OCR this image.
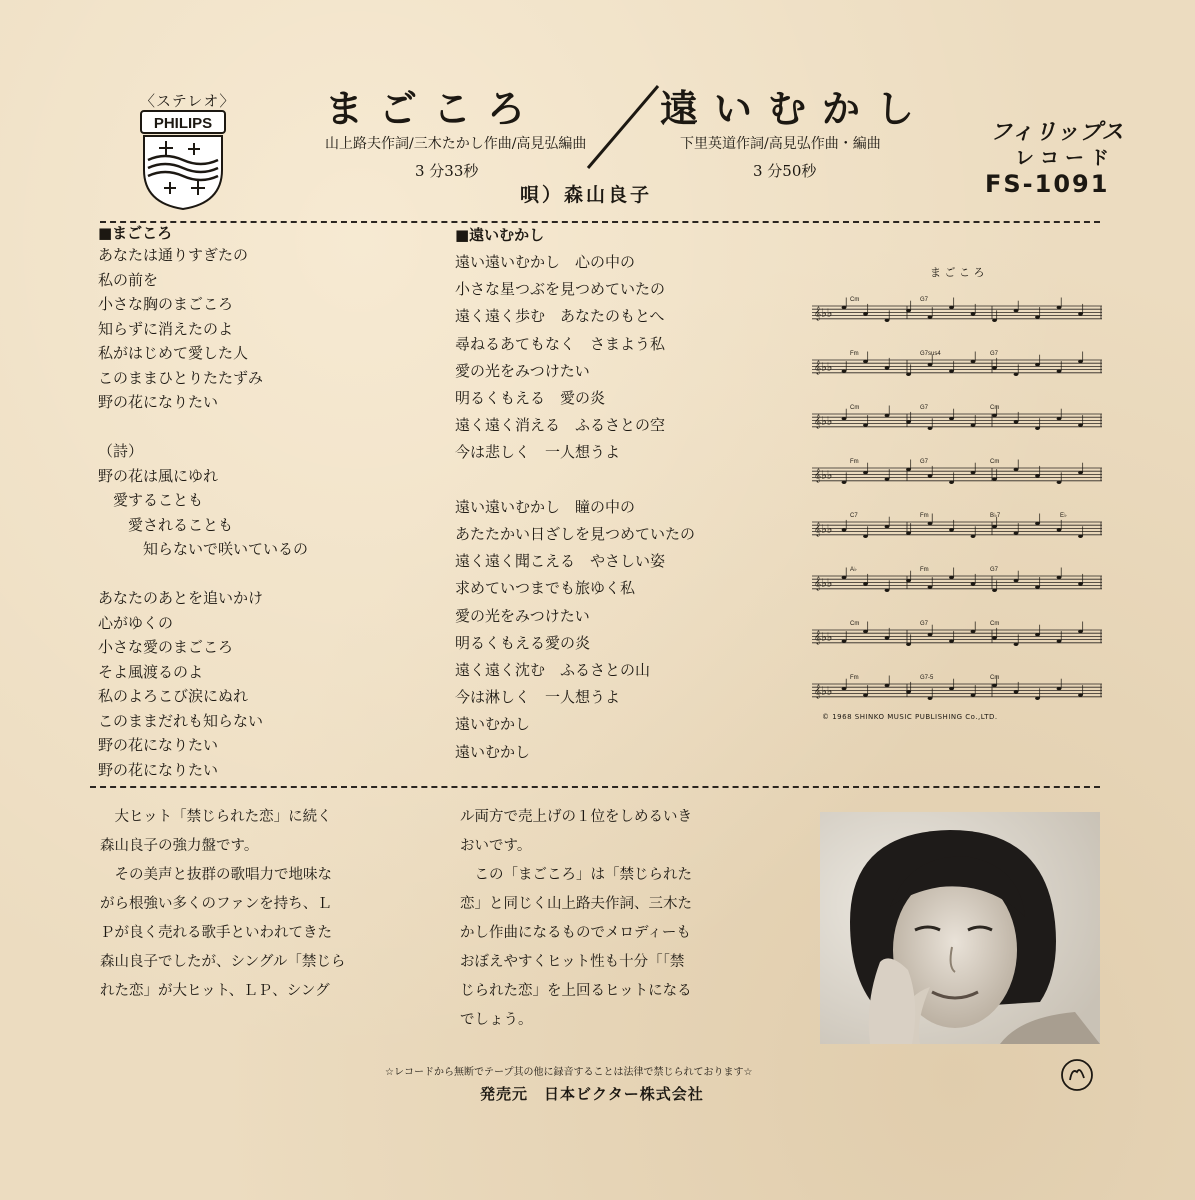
〈ステレオ〉
PHILIPS	まごころ	遠いむかし
山上路夫作詞/三木たかし作曲/高見弘編曲	下里英道作詞/高見弘作曲・編曲
3 分33秒	3 分50秒
唄）森山良子
フィリップス
レコード
FS-1091
■まごころ
あなたは通りすぎたの
私の前を
小さな胸のまごころ
知らずに消えたのよ
私がはじめて愛した人
このままひとりたたずみ
野の花になりたい

（詩）
野の花は風にゆれ
　愛することも
　　愛されることも
　　　知らないで咲いているの

あなたのあとを追いかけ
心がゆくの
小さな愛のまごころ
そよ風渡るのよ
私のよろこび涙にぬれ
このままだれも知らない
野の花になりたい
野の花になりたい
■遠いむかし
遠い遠いむかし　心の中の
小さな星つぶを見つめていたの
遠く遠く歩む　あなたのもとへ
尋ねるあてもなく　さまよう私
愛の光をみつけたい
明るくもえる　愛の炎
遠く遠く消える　ふるさとの空
今は悲しく　一人想うよ

遠い遠いむかし　瞳の中の
あたたかい日ざしを見つめていたの
遠く遠く聞こえる　やさしい姿
求めていつまでも旅ゆく私
愛の光をみつけたい
明るくもえる愛の炎
遠く遠く沈む　ふるさとの山
今は淋しく　一人想うよ
遠いむかし
遠いむかし
ま ご こ ろ
𝄞♭♭
Cm	G7
𝄞♭♭
Fm	G7sus4	G7
𝄞♭♭
Cm	G7	Cm
𝄞♭♭
Fm	G7	Cm
𝄞♭♭
C7	Fm	B♭7	E♭
𝄞♭♭
A♭	Fm	G7
𝄞♭♭
Cm	G7	Cm
𝄞♭♭
Fm	G7-5	Cm
© 1968 SHINKO MUSIC PUBLISHING Co.,LTD.
　大ヒット「禁じられた恋」に続く
森山良子の強力盤です。
　その美声と抜群の歌唱力で地味な
がら根強い多くのファンを持ち、Ｌ
Ｐが良く売れる歌手といわれてきた
森山良子でしたが、シングル「禁じら
れた恋」が大ヒット、ＬＰ、シング
ル両方で売上げの１位をしめるいき
おいです。
　この「まごころ」は「禁じられた
恋」と同じく山上路夫作詞、三木た
かし作曲になるものでメロディーも
おぼえやすくヒット性も十分「「禁
じられた恋」を上回るヒットになる
でしょう。
☆レコードから無断でテープ其の他に録音することは法律で禁じられております☆
発売元　日本ビクター株式会社
